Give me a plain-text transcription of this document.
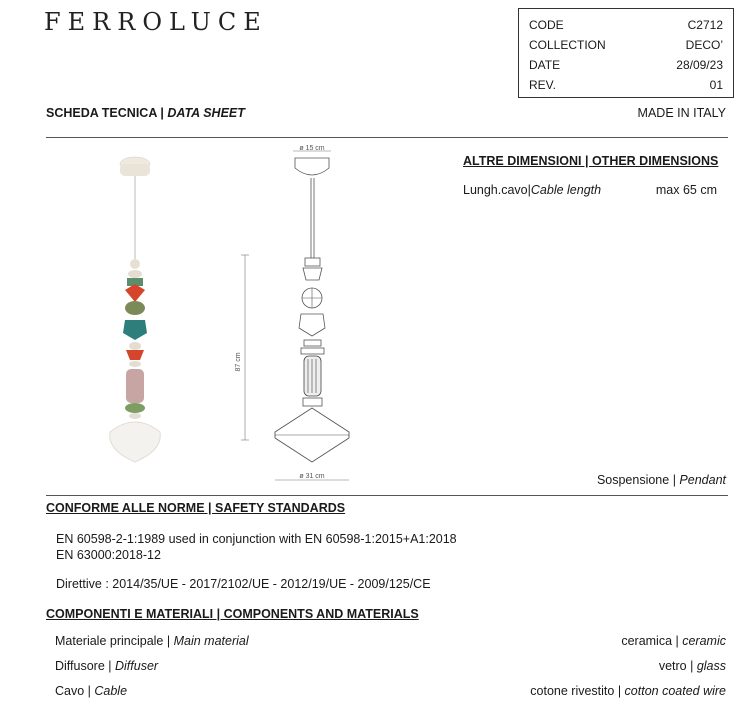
FERROLUCE	CODE	C2712
COLLECTION	DECO’
DATE	28/09/23
REV.	01
SCHEDA TECNICA | DATA SHEET	MADE IN ITALY
ø 15 cm
87 cm
ø 31 cm
ALTRE DIMENSIONI | OTHER DIMENSIONS
Lungh.cavo|Cable length	max 65 cm
Sospensione | Pendant
CONFORME ALLE NORME | SAFETY STANDARDS
EN 60598-2-1:1989 used in conjunction with EN 60598-1:2015+A1:2018
EN 63000:2018-12
Direttive : 2014/35/UE - 2017/2102/UE - 2012/19/UE - 2009/125/CE
COMPONENTI E MATERIALI | COMPONENTS AND MATERIALS
Materiale principale | Main material	ceramica | ceramic
Diffusore | Diffuser	vetro | glass
Cavo | Cable	cotone rivestito | cotton coated wire
